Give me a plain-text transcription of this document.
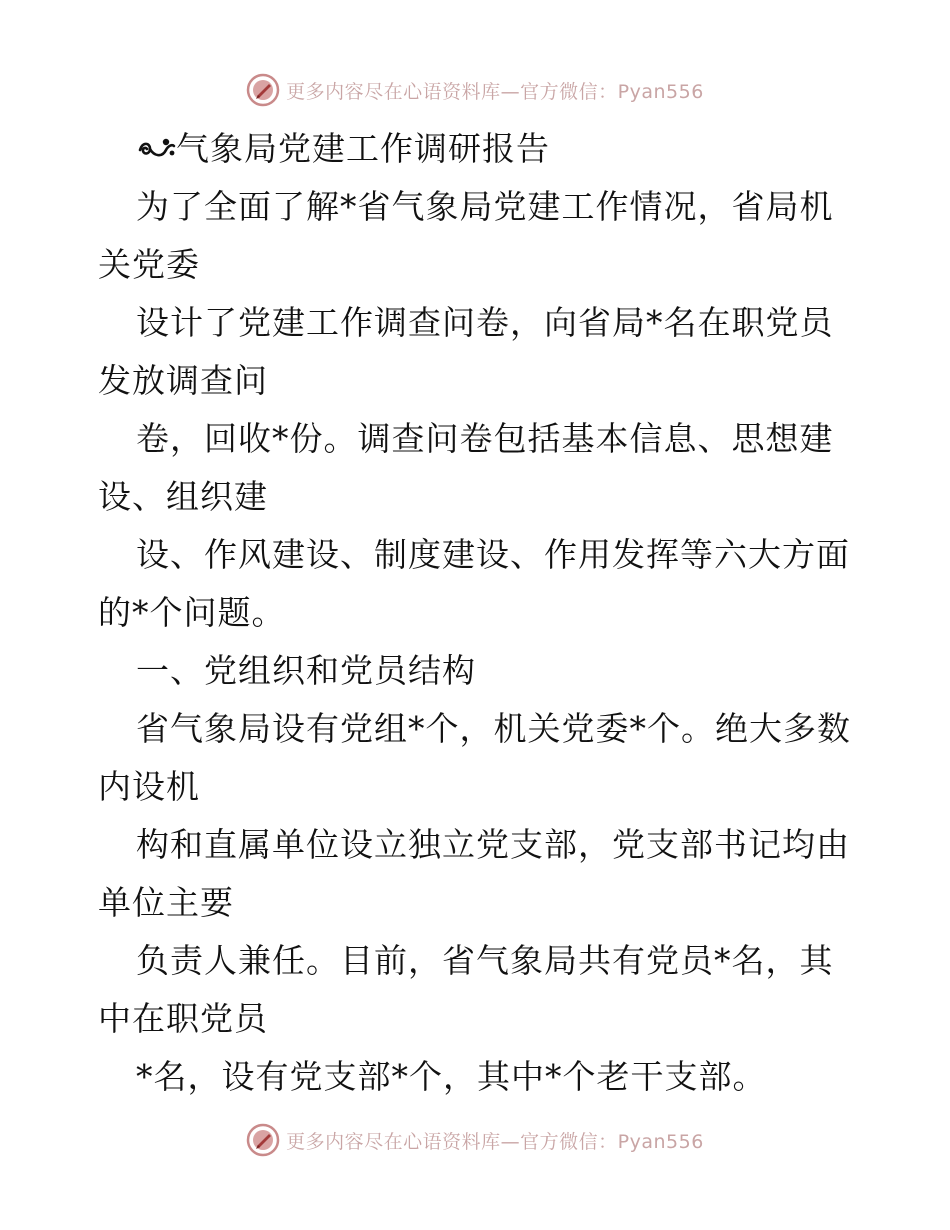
更多内容尽在心语资料库—官方微信：Pyan556
气象局党建工作调研报告
为了全面了解*省气象局党建工作情况，省局机
关党委
设计了党建工作调查问卷，向省局*名在职党员
发放调查问
卷，回收*份。调查问卷包括基本信息、思想建
设、组织建
设、作风建设、制度建设、作用发挥等六大方面
的*个问题。
一、党组织和党员结构
省气象局设有党组*个，机关党委*个。绝大多数
内设机
构和直属单位设立独立党支部，党支部书记均由
单位主要
负责人兼任。目前，省气象局共有党员*名，其
中在职党员
*名，设有党支部*个，其中*个老干支部。
更多内容尽在心语资料库—官方微信：Pyan556
